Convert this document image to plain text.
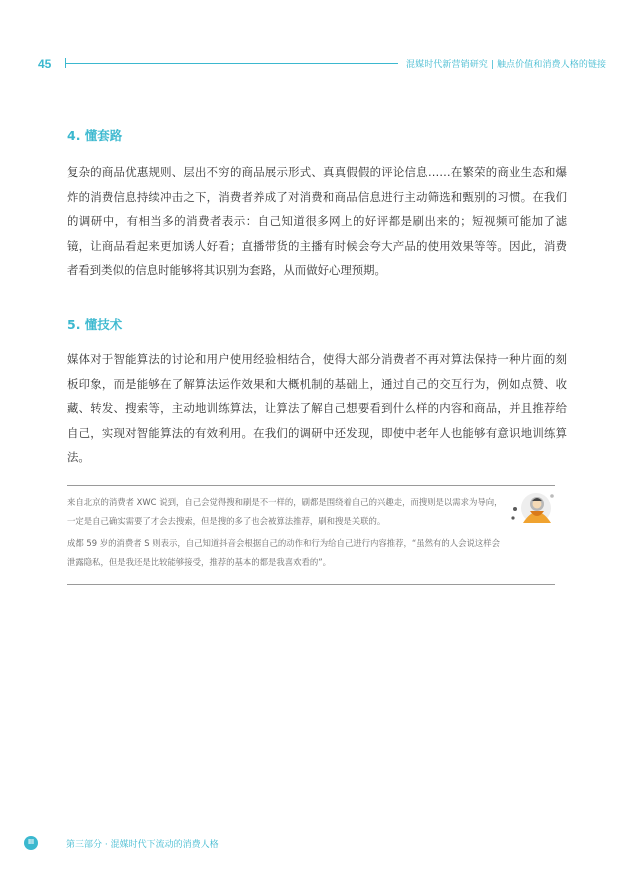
45	混媒时代新营销研究 | 触点价值和消费人格的链接
4. 懂套路

复杂的商品优惠规则、层出不穷的商品展示形式、真真假假的评论信息……在繁荣的商业生态和爆炸的消费信息持续冲击之下，消费者养成了对消费和商品信息进行主动筛选和甄别的习惯。在我们的调研中，有相当多的消费者表示：自己知道很多网上的好评都是刷出来的；短视频可能加了滤镜，让商品看起来更加诱人好看；直播带货的主播有时候会夸大产品的使用效果等等。因此，消费者看到类似的信息时能够将其识别为套路，从而做好心理预期。

5. 懂技术

媒体对于智能算法的讨论和用户使用经验相结合，使得大部分消费者不再对算法保持一种片面的刻板印象，而是能够在了解算法运作效果和大概机制的基础上，通过自己的交互行为，例如点赞、收藏、转发、搜索等，主动地训练算法，让算法了解自己想要看到什么样的内容和商品，并且推荐给自己，实现对智能算法的有效利用。在我们的调研中还发现，即使中老年人也能够有意识地训练算法。

来自北京的消费者 XWC 说到，自己会觉得搜和刷是不一样的，刷都是围绕着自己的兴趣走，而搜则是以需求为导向，一定是自己确实需要了才会去搜索，但是搜的多了也会被算法推荐，刷和搜是关联的。

成都 59 岁的消费者 S 则表示，自己知道抖音会根据自己的动作和行为给自己进行内容推荐，“虽然有的人会说这样会泄露隐私，但是我还是比较能够接受，推荐的基本的都是我喜欢看的”。

III	第三部分 · 混媒时代下流动的消费人格
